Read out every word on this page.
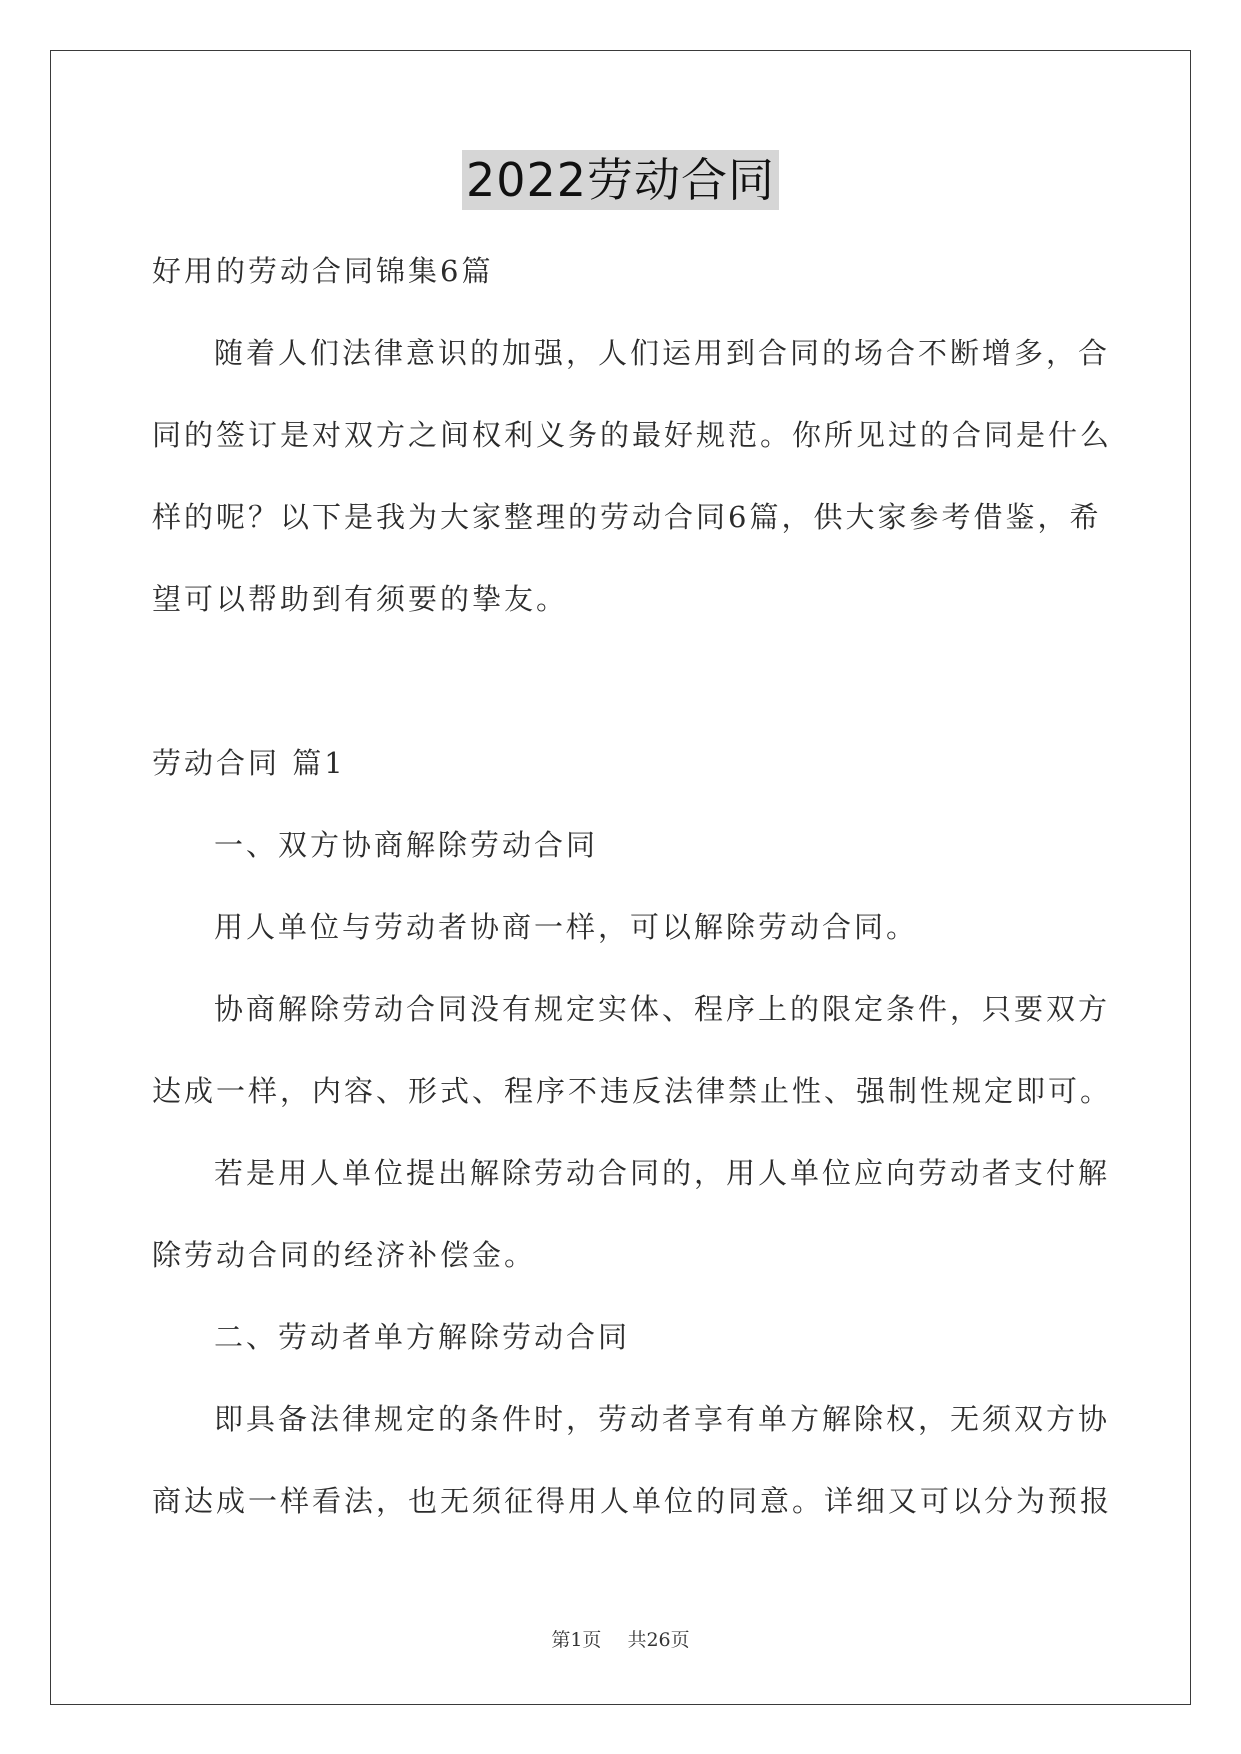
2022劳动合同

好用的劳动合同锦集6篇

随着人们法律意识的加强，人们运用到合同的场合不断增多，合

同的签订是对双方之间权利义务的最好规范。你所见过的合同是什么

样的呢？以下是我为大家整理的劳动合同6篇，供大家参考借鉴，希

望可以帮助到有须要的挚友。

劳动合同 篇1

一、双方协商解除劳动合同

用人单位与劳动者协商一样，可以解除劳动合同。

协商解除劳动合同没有规定实体、程序上的限定条件，只要双方

达成一样，内容、形式、程序不违反法律禁止性、强制性规定即可。

若是用人单位提出解除劳动合同的，用人单位应向劳动者支付解

除劳动合同的经济补偿金。

二、劳动者单方解除劳动合同

即具备法律规定的条件时，劳动者享有单方解除权，无须双方协

商达成一样看法，也无须征得用人单位的同意。详细又可以分为预报

第1页 共26页
